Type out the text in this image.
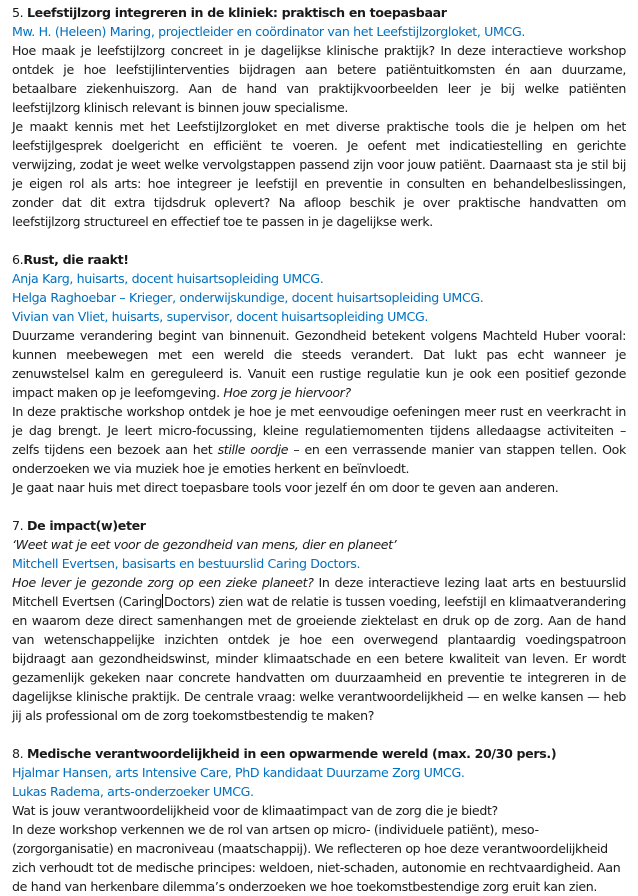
5. Leefstijlzorg integreren in de kliniek: praktisch en toepasbaar

Mw. H. (Heleen) Maring, projectleider en coördinator van het Leefstijlzorgloket, UMCG.

Hoe maak je leefstijlzorg concreet in je dagelijkse klinische praktijk? In deze interactieve workshop ontdek je hoe leefstijlinterventies bijdragen aan betere patiëntuitkomsten én aan duurzame, betaalbare ziekenhuiszorg. Aan de hand van praktijkvoorbeelden leer je bij welke patiënten leefstijlzorg klinisch relevant is binnen jouw specialisme.

Je maakt kennis met het Leefstijlzorgloket en met diverse praktische tools die je helpen om het leefstijlgesprek doelgericht en efficiënt te voeren. Je oefent met indicatiestelling en gerichte verwijzing, zodat je weet welke vervolgstappen passend zijn voor jouw patiënt. Daarnaast sta je stil bij je eigen rol als arts: hoe integreer je leefstijl en preventie in consulten en behandelbeslissingen, zonder dat dit extra tijdsdruk oplevert? Na afloop beschik je over praktische handvatten om leefstijlzorg structureel en effectief toe te passen in je dagelijkse werk.

6.Rust, die raakt!

Anja Karg, huisarts, docent huisartsopleiding UMCG.

Helga Raghoebar – Krieger, onderwijskundige, docent huisartsopleiding UMCG.

Vivian van Vliet, huisarts, supervisor, docent huisartsopleiding UMCG.

Duurzame verandering begint van binnenuit. Gezondheid betekent volgens Machteld Huber vooral: kunnen meebewegen met een wereld die steeds verandert. Dat lukt pas echt wanneer je zenuwstelsel kalm en gereguleerd is. Vanuit een rustige regulatie kun je ook een positief gezonde impact maken op je leefomgeving. Hoe zorg je hiervoor?

In deze praktische workshop ontdek je hoe je met eenvoudige oefeningen meer rust en veerkracht in je dag brengt. Je leert micro-focussing, kleine regulatiemomenten tijdens alledaagse activiteiten – zelfs tijdens een bezoek aan het stille oordje – en een verrassende manier van stappen tellen. Ook onderzoeken we via muziek hoe je emoties herkent en beïnvloedt.

Je gaat naar huis met direct toepasbare tools voor jezelf én om door te geven aan anderen.

7. De impact(w)eter

‘Weet wat je eet voor de gezondheid van mens, dier en planeet’

Mitchell Evertsen, basisarts en bestuurslid Caring Doctors.

Hoe lever je gezonde zorg op een zieke planeet? In deze interactieve lezing laat arts en bestuurslid Mitchell Evertsen (Caring Doctors) zien wat de relatie is tussen voeding, leefstijl en klimaatverandering en waarom deze direct samenhangen met de groeiende ziektelast en druk op de zorg. Aan de hand van wetenschappelijke inzichten ontdek je hoe een overwegend plantaardig voedingspatroon bijdraagt aan gezondheidswinst, minder klimaatschade en een betere kwaliteit van leven. Er wordt gezamenlijk gekeken naar concrete handvatten om duurzaamheid en preventie te integreren in de dagelijkse klinische praktijk. De centrale vraag: welke verantwoordelijkheid — en welke kansen — heb jij als professional om de zorg toekomstbestendig te maken?

8. Medische verantwoordelijkheid in een opwarmende wereld (max. 20/30 pers.)

Hjalmar Hansen, arts Intensive Care, PhD kandidaat Duurzame Zorg UMCG.

Lukas Radema, arts-onderzoeker UMCG.

Wat is jouw verantwoordelijkheid voor de klimaatimpact van de zorg die je biedt?

In deze workshop verkennen we de rol van artsen op micro- (individuele patiënt), meso- (zorgorganisatie) en macroniveau (maatschappij). We reflecteren op hoe deze verantwoordelijkheid zich verhoudt tot de medische principes: weldoen, niet-schaden, autonomie en rechtvaardigheid. Aan de hand van herkenbare dilemma’s onderzoeken we hoe toekomstbestendige zorg eruit kan zien.
